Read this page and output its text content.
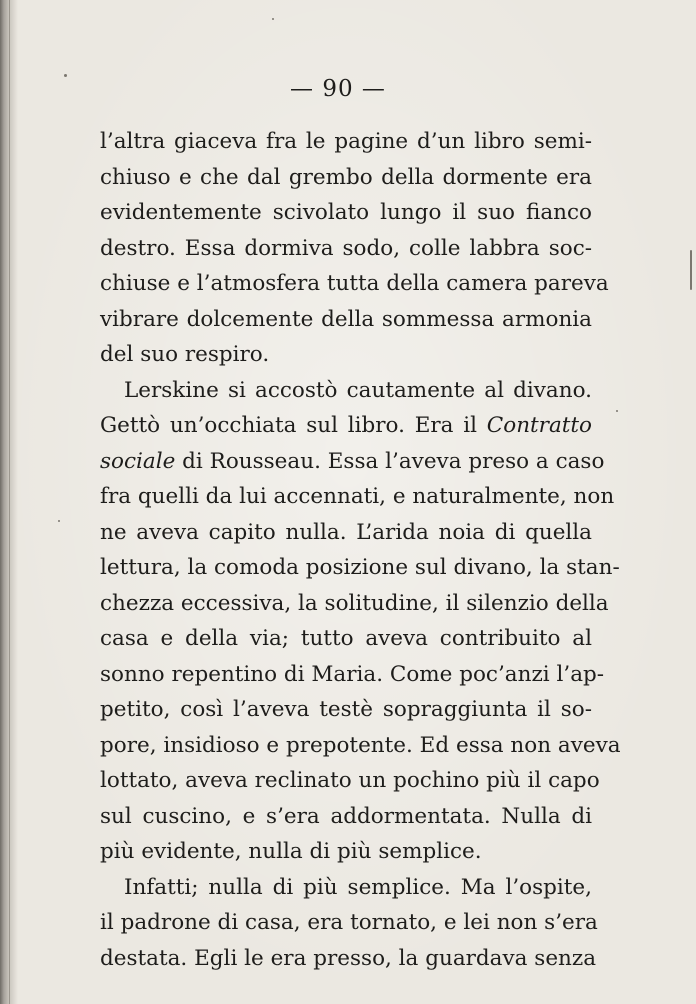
— 90 —
l’altra giaceva fra le pagine d’un libro semi-
chiuso e che dal grembo della dormente era
evidentemente scivolato lungo il suo fianco
destro. Essa dormiva sodo, colle labbra soc-
chiuse e l’atmosfera tutta della camera pareva
vibrare dolcemente della sommessa armonia
del suo respiro.
Lerskine si accostò cautamente al divano.
Gettò un’occhiata sul libro. Era il Contratto
sociale di Rousseau. Essa l’aveva preso a caso
fra quelli da lui accennati, e naturalmente, non
ne aveva capito nulla. L’arida noia di quella
lettura, la comoda posizione sul divano, la stan-
chezza eccessiva, la solitudine, il silenzio della
casa e della via; tutto aveva contribuito al
sonno repentino di Maria. Come poc’anzi l’ap-
petito, così l’aveva testè sopraggiunta il so-
pore, insidioso e prepotente. Ed essa non aveva
lottato, aveva reclinato un pochino più il capo
sul cuscino, e s’era addormentata. Nulla di
più evidente, nulla di più semplice.
Infatti; nulla di più semplice. Ma l’ospite,
il padrone di casa, era tornato, e lei non s’era
destata. Egli le era presso, la guardava senza
